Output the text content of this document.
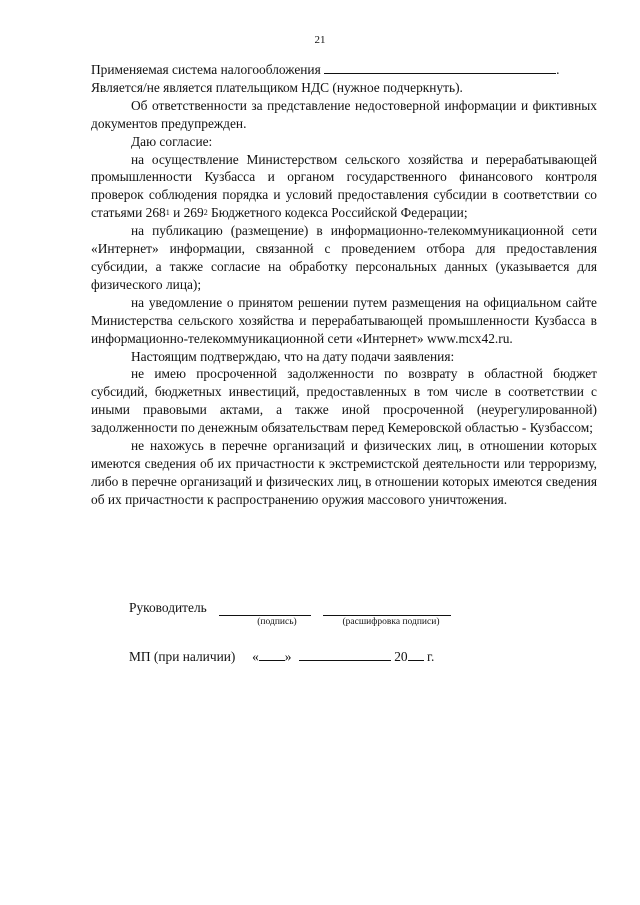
21

Применяемая система налогообложения	.

Является/не является плательщиком НДС (нужное подчеркнуть).

Об ответственности за представление недостоверной информации и фиктивных документов предупрежден.

Даю согласие:

на осуществление Министерством сельского хозяйства и перерабатывающей промышленности Кузбасса и органом государственного финансового контроля проверок соблюдения порядка и условий предоставления субсидии в соответствии со статьями $268^1$ и $269^2$ Бюджетного кодекса Российской Федерации;

на публикацию (размещение) в информационно-телекоммуникационной сети «Интернет» информации, связанной с проведением отбора для предоставления субсидии, а также согласие на обработку персональных данных (указывается для физического лица);

на уведомление о принятом решении путем размещения на официальном сайте Министерства сельского хозяйства и перерабатывающей промышленности Кузбасса в информационно-телекоммуникационной сети «Интернет» www.mcx42.ru.

Настоящим подтверждаю, что на дату подачи заявления:

не имею просроченной задолженности по возврату в областной бюджет субсидий, бюджетных инвестиций, предоставленных в том числе в соответствии с иными правовыми актами, а также иной просроченной (неурегулированной) задолженности по денежным обязательствам перед Кемеровской областью - Кузбассом;

не нахожусь в перечне организаций и физических лиц, в отношении которых имеются сведения об их причастности к экстремистской деятельности или терроризму, либо в перечне организаций и физических лиц, в отношении которых имеются сведения об их причастности к распространению оружия массового уничтожения.

Руководитель
(подпись)	(расшифровка подписи)
МП (при наличии) « »	20 г.
